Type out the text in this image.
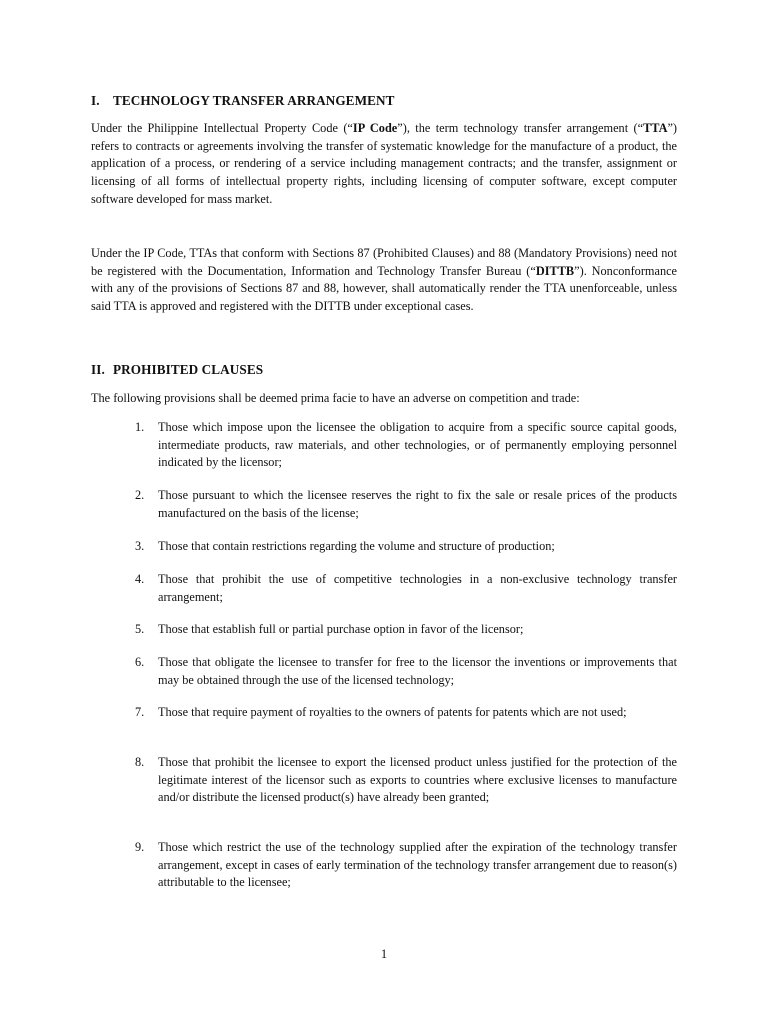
I. TECHNOLOGY TRANSFER ARRANGEMENT

Under the Philippine Intellectual Property Code (“IP Code”), the term technology transfer arrangement (“TTA”) refers to contracts or agreements involving the transfer of systematic knowledge for the manufacture of a product, the application of a process, or rendering of a service including management contracts; and the transfer, assignment or licensing of all forms of intellectual property rights, including licensing of computer software, except computer software developed for mass market.

Under the IP Code, TTAs that conform with Sections 87 (Prohibited Clauses) and 88 (Mandatory Provisions) need not be registered with the Documentation, Information and Technology Transfer Bureau (“DITTB”). Nonconformance with any of the provisions of Sections 87 and 88, however, shall automatically render the TTA unenforceable, unless said TTA is approved and registered with the DITTB under exceptional cases.

II. PROHIBITED CLAUSES

The following provisions shall be deemed prima facie to have an adverse on competition and trade:

1. Those which impose upon the licensee the obligation to acquire from a specific source capital goods, intermediate products, raw materials, and other technologies, or of permanently employing personnel indicated by the licensor;
2. Those pursuant to which the licensee reserves the right to fix the sale or resale prices of the products manufactured on the basis of the license;
3. Those that contain restrictions regarding the volume and structure of production;
4. Those that prohibit the use of competitive technologies in a non-exclusive technology transfer arrangement;
5. Those that establish full or partial purchase option in favor of the licensor;
6. Those that obligate the licensee to transfer for free to the licensor the inventions or improvements that may be obtained through the use of the licensed technology;
7. Those that require payment of royalties to the owners of patents for patents which are not used;
8. Those that prohibit the licensee to export the licensed product unless justified for the protection of the legitimate interest of the licensor such as exports to countries where exclusive licenses to manufacture and/or distribute the licensed product(s) have already been granted;
9. Those which restrict the use of the technology supplied after the expiration of the technology transfer arrangement, except in cases of early termination of the technology transfer arrangement due to reason(s) attributable to the licensee;
1
